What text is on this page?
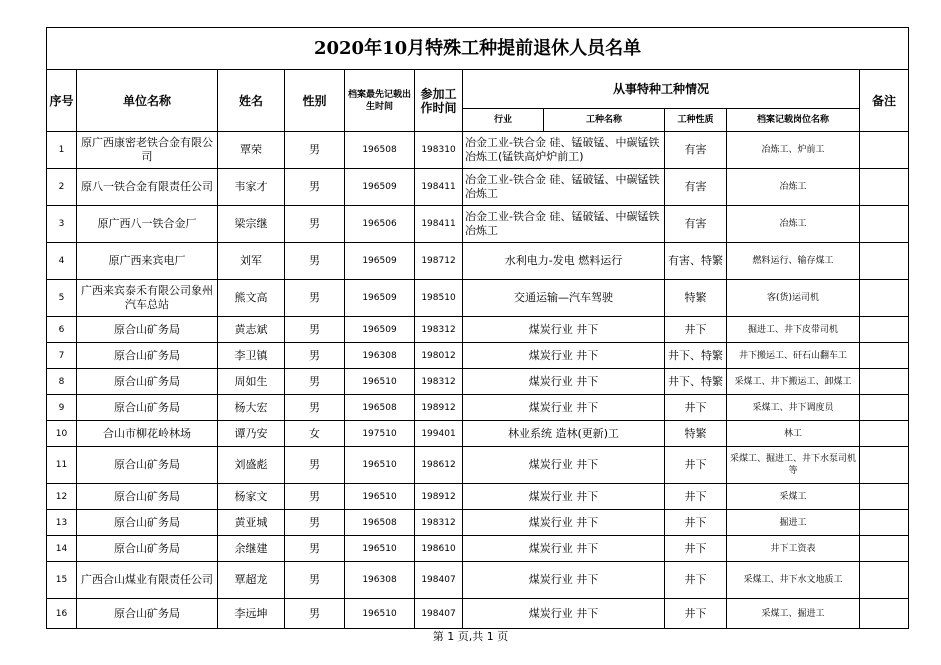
2020年10月特殊工种提前退休人员名单										
序号	单位名称	姓名	性别	档案最先记载出生时间	参加工作时间	从事特种工种情况				备注
						行业	工种名称	工种性质	档案记载岗位名称	
1	原广西康密老铁合金有限公司	覃荣	男	196508	198310	冶金工业-铁合金 硅、锰破锰、中碳锰铁冶炼工(锰铁高炉炉前工)		有害	冶炼工、炉前工	
2	原八一铁合金有限责任公司	韦家才	男	196509	198411	冶金工业-铁合金 硅、锰破锰、中碳锰铁冶炼工		有害	冶炼工	
3	原广西八一铁合金厂	梁宗继	男	196506	198411	冶金工业-铁合金 硅、锰破锰、中碳锰铁冶炼工		有害	冶炼工	
4	原广西来宾电厂	刘军	男	196509	198712	水利电力-发电 燃料运行		有害、特繁	燃料运行、输存煤工	
5	广西来宾泰禾有限公司象州汽车总站	熊文高	男	196509	198510	交通运输—汽车驾驶		特繁	客(货)运司机	
6	原合山矿务局	黄志斌	男	196509	198312	煤炭行业 井下		井下	掘进工、井下皮带司机	
7	原合山矿务局	李卫镇	男	196308	198012	煤炭行业 井下		井下、特繁	井下搬运工、矸石山翻车工	
8	原合山矿务局	周如生	男	196510	198312	煤炭行业 井下		井下、特繁	采煤工、井下搬运工、卸煤工	
9	原合山矿务局	杨大宏	男	196508	198912	煤炭行业 井下		井下	采煤工、井下调度员	
10	合山市柳花岭林场	谭乃安	女	197510	199401	林业系统 造林(更新)工		特繁	林工	
11	原合山矿务局	刘盛彪	男	196510	198612	煤炭行业 井下		井下	采煤工、掘进工、井下水泵司机等	
12	原合山矿务局	杨家文	男	196510	198912	煤炭行业 井下		井下	采煤工	
13	原合山矿务局	黄亚城	男	196508	198312	煤炭行业 井下		井下	掘进工	
14	原合山矿务局	余继建	男	196510	198610	煤炭行业 井下		井下	井下工资表	
15	广西合山煤业有限责任公司	覃超龙	男	196308	198407	煤炭行业 井下		井下	采煤工、井下水文地质工	
16	原合山矿务局	李远坤	男	196510	198407	煤炭行业 井下		井下	采煤工、掘进工	
第 1 页,共 1 页
